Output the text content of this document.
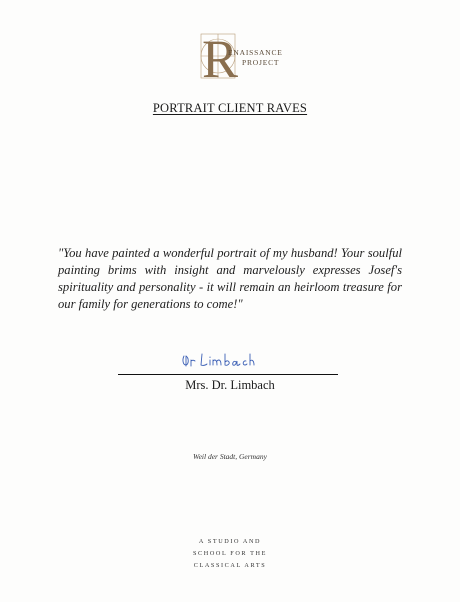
R
ENAISSANCE
PROJECT
PORTRAIT CLIENT RAVES

"You have painted a wonderful portrait of my husband! Your soulful painting brims with insight and marvelously expresses Josef's spirituality and personality - it will remain an heirloom treasure for our family for generations to come!"

Mrs. Dr. Limbach
Weil der Stadt, Germany
A STUDIO AND
SCHOOL FOR THE
CLASSICAL ARTS
